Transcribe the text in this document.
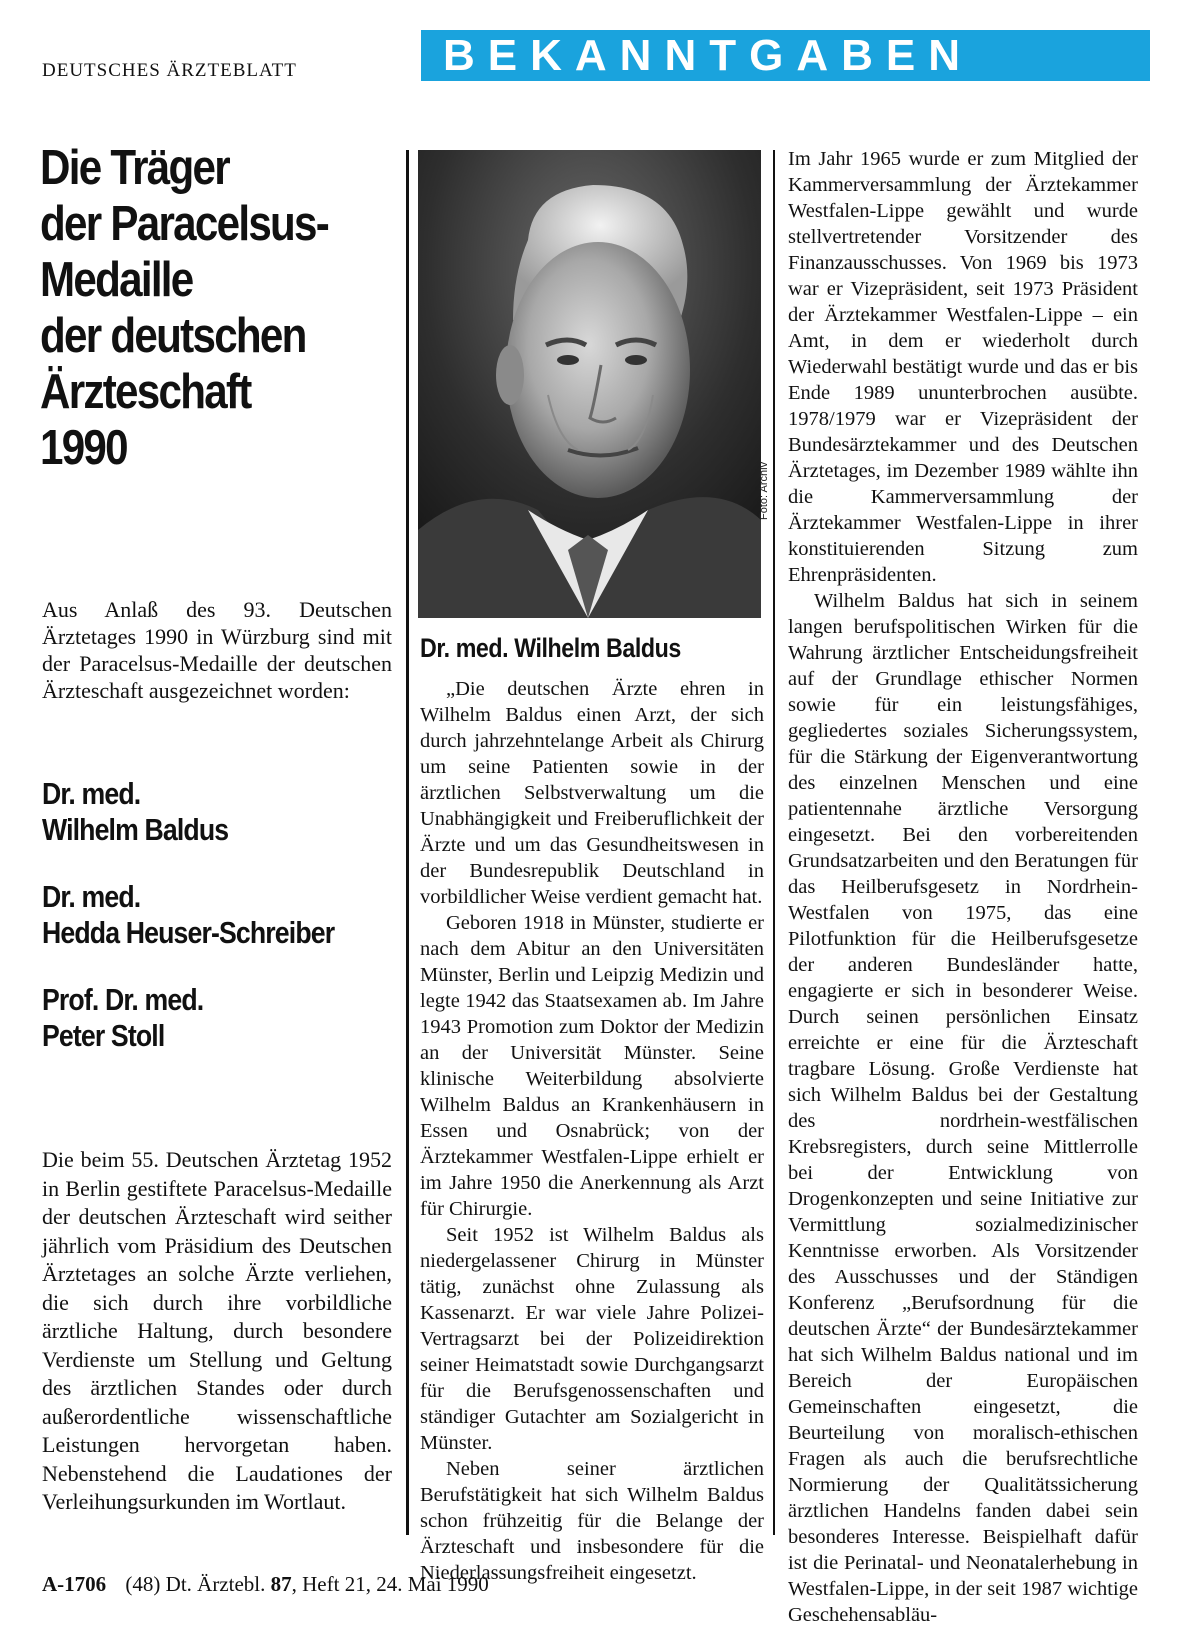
DEUTSCHES ÄRZTEBLATT	BEKANNTGABEN
Die Träger
der Paracelsus-
Medaille
der deutschen
Ärzteschaft
1990

Aus Anlaß des 93. Deutschen Ärztetages 1990 in Würzburg sind mit der Paracelsus-Medaille der deutschen Ärzteschaft ausgezeichnet worden:

Dr. med.
Wilhelm Baldus
Dr. med.
Hedda Heuser-Schreiber
Prof. Dr. med.
Peter Stoll

Die beim 55. Deutschen Ärztetag 1952 in Berlin gestiftete Paracelsus-Medaille der deutschen Ärzteschaft wird seither jährlich vom Präsidium des Deutschen Ärztetages an solche Ärzte verliehen, die sich durch ihre vorbildliche ärztliche Haltung, durch besondere Verdienste um Stellung und Geltung des ärztlichen Standes oder durch außerordentliche wissenschaftliche Leistungen hervorgetan haben. Nebenstehend die Laudationes der Verleihungsurkunden im Wortlaut.

Foto: Archiv
Dr. med. Wilhelm Baldus

„Die deutschen Ärzte ehren in Wilhelm Baldus einen Arzt, der sich durch jahrzehntelange Arbeit als Chirurg um seine Patienten sowie in der ärztlichen Selbstverwaltung um die Unabhängigkeit und Freiberuflichkeit der Ärzte und um das Gesundheitswesen in der Bundesrepublik Deutschland in vorbildlicher Weise verdient gemacht hat.

Geboren 1918 in Münster, studierte er nach dem Abitur an den Universitäten Münster, Berlin und Leipzig Medizin und legte 1942 das Staatsexamen ab. Im Jahre 1943 Promotion zum Doktor der Medizin an der Universität Münster. Seine klinische Weiterbildung absolvierte Wilhelm Baldus an Krankenhäusern in Essen und Osnabrück; von der Ärztekammer Westfalen-Lippe erhielt er im Jahre 1950 die Anerkennung als Arzt für Chirurgie.

Seit 1952 ist Wilhelm Baldus als niedergelassener Chirurg in Münster tätig, zunächst ohne Zulassung als Kassenarzt. Er war viele Jahre Polizei-Vertragsarzt bei der Polizeidirektion seiner Heimatstadt sowie Durchgangsarzt für die Berufsgenossenschaften und ständiger Gutachter am Sozialgericht in Münster.

Neben seiner ärztlichen Berufstätigkeit hat sich Wilhelm Baldus schon frühzeitig für die Belange der Ärzteschaft und insbesondere für die Niederlassungsfreiheit eingesetzt.

Im Jahr 1965 wurde er zum Mitglied der Kammerversammlung der Ärztekammer Westfalen-Lippe gewählt und wurde stellvertretender Vorsitzender des Finanzausschusses. Von 1969 bis 1973 war er Vizepräsident, seit 1973 Präsident der Ärztekammer Westfalen-Lippe – ein Amt, in dem er wiederholt durch Wiederwahl bestätigt wurde und das er bis Ende 1989 ununterbrochen ausübte. 1978/1979 war er Vizepräsident der Bundesärztekammer und des Deutschen Ärztetages, im Dezember 1989 wählte ihn die Kammerversammlung der Ärztekammer Westfalen-Lippe in ihrer konstituierenden Sitzung zum Ehrenpräsidenten.

Wilhelm Baldus hat sich in seinem langen berufspolitischen Wirken für die Wahrung ärztlicher Entscheidungsfreiheit auf der Grundlage ethischer Normen sowie für ein leistungsfähiges, gegliedertes soziales Sicherungssystem, für die Stärkung der Eigenverantwortung des einzelnen Menschen und eine patientennahe ärztliche Versorgung eingesetzt. Bei den vorbereitenden Grundsatzarbeiten und den Beratungen für das Heilberufsgesetz in Nordrhein-Westfalen von 1975, das eine Pilotfunktion für die Heilberufsgesetze der anderen Bundesländer hatte, engagierte er sich in besonderer Weise. Durch seinen persönlichen Einsatz erreichte er eine für die Ärzteschaft tragbare Lösung. Große Verdienste hat sich Wilhelm Baldus bei der Gestaltung des nordrhein-westfälischen Krebsregisters, durch seine Mittlerrolle bei der Entwicklung von Drogenkonzepten und seine Initiative zur Vermittlung sozialmedizinischer Kenntnisse erworben. Als Vorsitzender des Ausschusses und der Ständigen Konferenz „Berufsordnung für die deutschen Ärzte“ der Bundesärztekammer hat sich Wilhelm Baldus national und im Bereich der Europäischen Gemeinschaften eingesetzt, die Beurteilung von moralisch-ethischen Fragen als auch die berufsrechtliche Normierung der Qualitätssicherung ärztlichen Handelns fanden dabei sein besonderes Interesse. Beispielhaft dafür ist die Perinatal- und Neonatalerhebung in Westfalen-Lippe, in der seit 1987 wichtige Geschehensabläu-

A-1706 (48) Dt. Ärztebl. 87, Heft 21, 24. Mai 1990
